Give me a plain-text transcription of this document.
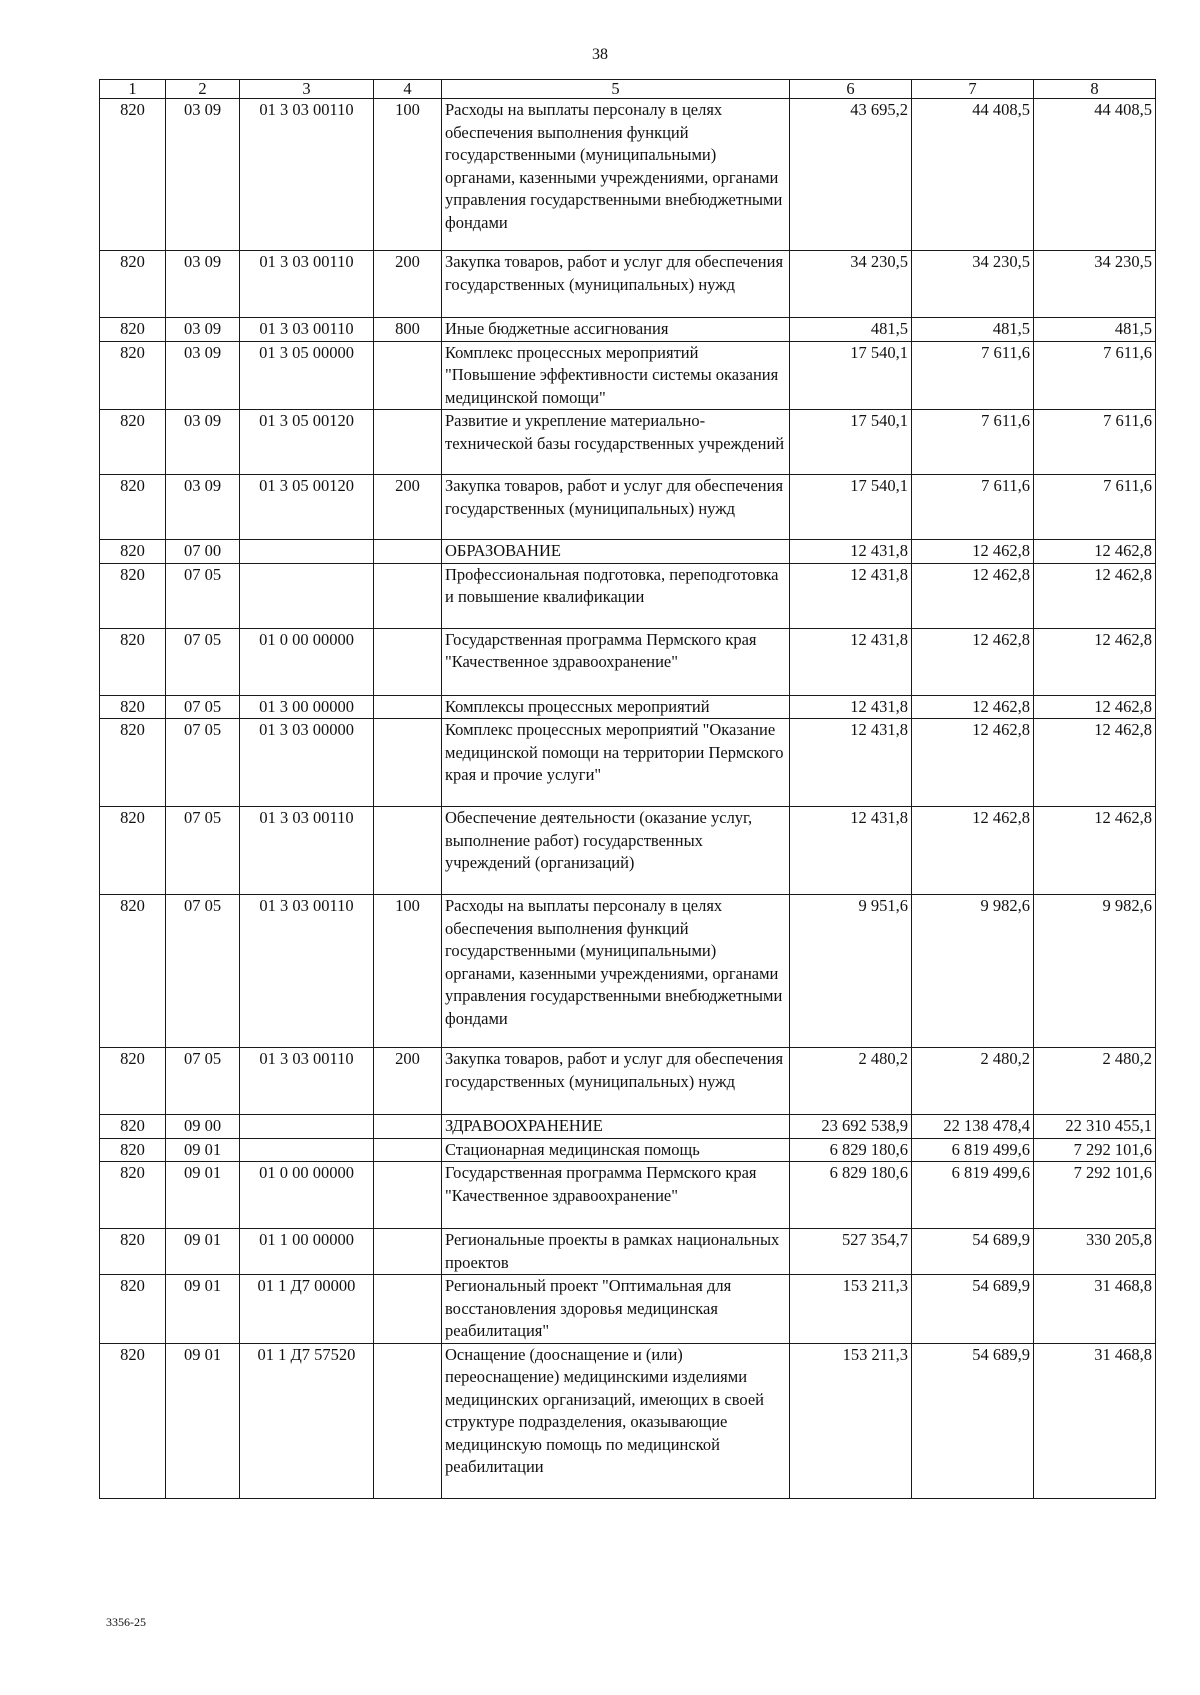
38
1	2	3	4	5	6	7	8
820	03 09	01 3 03 00110	100	Расходы на выплаты персоналу в целях обеспечения выполнения функций государственными (муниципальными) органами, казенными учреждениями, органами управления государственными внебюджетными фондами	43 695,2	44 408,5	44 408,5
820	03 09	01 3 03 00110	200	Закупка товаров, работ и услуг для обеспечения государственных (муниципальных) нужд	34 230,5	34 230,5	34 230,5
820	03 09	01 3 03 00110	800	Иные бюджетные ассигнования	481,5	481,5	481,5
820	03 09	01 3 05 00000		Комплекс процессных мероприятий "Повышение эффективности системы оказания медицинской помощи"	17 540,1	7 611,6	7 611,6
820	03 09	01 3 05 00120		Развитие и укрепление материально-технической базы государственных учреждений	17 540,1	7 611,6	7 611,6
820	03 09	01 3 05 00120	200	Закупка товаров, работ и услуг для обеспечения государственных (муниципальных) нужд	17 540,1	7 611,6	7 611,6
820	07 00			ОБРАЗОВАНИЕ	12 431,8	12 462,8	12 462,8
820	07 05			Профессиональная подготовка, переподготовка и повышение квалификации	12 431,8	12 462,8	12 462,8
820	07 05	01 0 00 00000		Государственная программа Пермского края "Качественное здравоохранение"	12 431,8	12 462,8	12 462,8
820	07 05	01 3 00 00000		Комплексы процессных мероприятий	12 431,8	12 462,8	12 462,8
820	07 05	01 3 03 00000		Комплекс процессных мероприятий "Оказание медицинской помощи на территории Пермского края и прочие услуги"	12 431,8	12 462,8	12 462,8
820	07 05	01 3 03 00110		Обеспечение деятельности (оказание услуг, выполнение работ) государственных учреждений (организаций)	12 431,8	12 462,8	12 462,8
820	07 05	01 3 03 00110	100	Расходы на выплаты персоналу в целях обеспечения выполнения функций государственными (муниципальными) органами, казенными учреждениями, органами управления государственными внебюджетными фондами	9 951,6	9 982,6	9 982,6
820	07 05	01 3 03 00110	200	Закупка товаров, работ и услуг для обеспечения государственных (муниципальных) нужд	2 480,2	2 480,2	2 480,2
820	09 00			ЗДРАВООХРАНЕНИЕ	23 692 538,9	22 138 478,4	22 310 455,1
820	09 01			Стационарная медицинская помощь	6 829 180,6	6 819 499,6	7 292 101,6
820	09 01	01 0 00 00000		Государственная программа Пермского края "Качественное здравоохранение"	6 829 180,6	6 819 499,6	7 292 101,6
820	09 01	01 1 00 00000		Региональные проекты в рамках национальных проектов	527 354,7	54 689,9	330 205,8
820	09 01	01 1 Д7 00000		Региональный проект "Оптимальная для восстановления здоровья медицинская реабилитация"	153 211,3	54 689,9	31 468,8
820	09 01	01 1 Д7 57520		Оснащение (дооснащение и (или) переоснащение) медицинскими изделиями медицинских организаций, имеющих в своей структуре подразделения, оказывающие медицинскую помощь по медицинской реабилитации	153 211,3	54 689,9	31 468,8
3356-25
